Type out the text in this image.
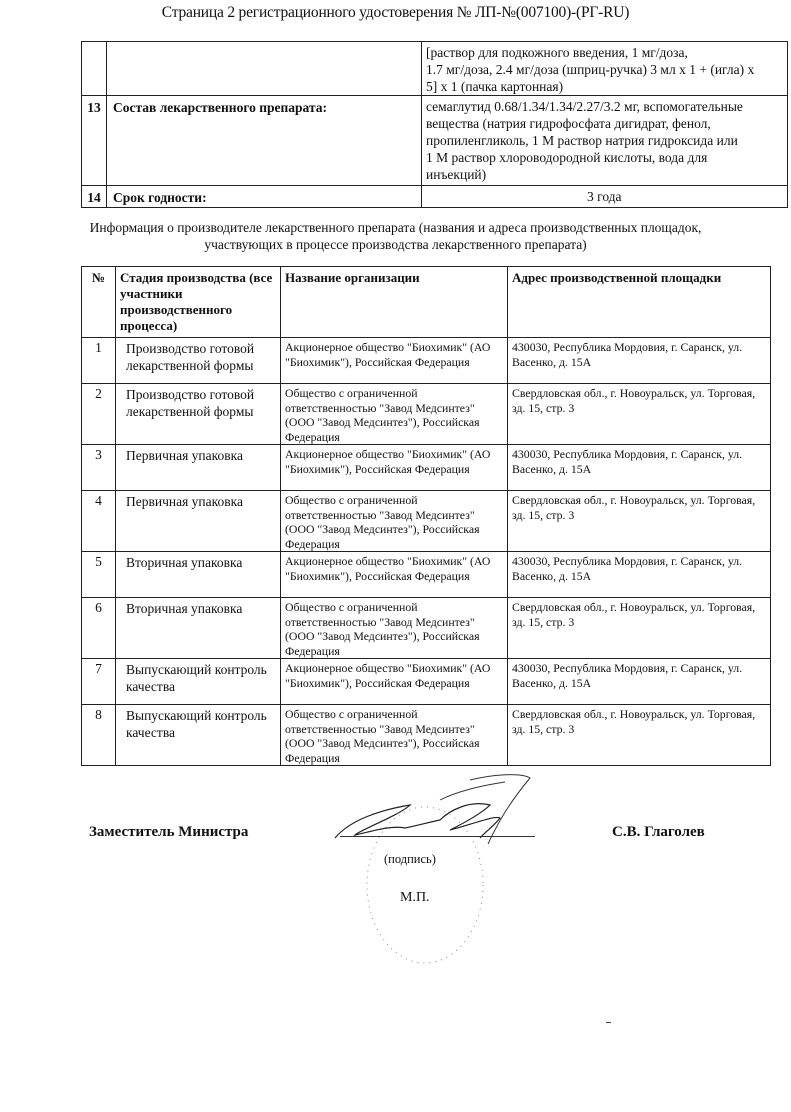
Страница 2 регистрационного удостоверения № ЛП-№(007100)-(РГ-RU)

		[раствор для подкожного введения, 1 мг/доза,
1.7 мг/доза, 2.4 мг/доза (шприц-ручка) 3 мл x 1 + (игла) x
5] x 1 (пачка картонная)

13	Состав лекарственного препарата:	семаглутид 0.68/1.34/1.34/2.27/3.2 мг, вспомогательные
вещества (натрия гидрофосфата дигидрат, фенол,
пропиленгликоль, 1 М раствор натрия гидроксида или
1 М раствор хлороводородной кислоты, вода для
инъекций)

14	Срок годности:	3 года
Информация о производителе лекарственного препарата (названия и адреса производственных площадок,
участвующих в процессе производства лекарственного препарата)
№	Стадия производства (все участники производственного процесса)	Название организации	Адрес производственной площадки
1	Производство готовой лекарственной формы	Акционерное общество "Биохимик" (АО "Биохимик"), Российская Федерация	430030, Республика Мордовия, г. Саранск, ул. Васенко, д. 15А
2	Производство готовой лекарственной формы	Общество с ограниченной ответственностью "Завод Медсинтез" (ООО "Завод Медсинтез"), Российская Федерация	Свердловская обл., г. Новоуральск, ул. Торговая, зд. 15, стр. 3
3	Первичная упаковка	Акционерное общество "Биохимик" (АО "Биохимик"), Российская Федерация	430030, Республика Мордовия, г. Саранск, ул. Васенко, д. 15А
4	Первичная упаковка	Общество с ограниченной ответственностью "Завод Медсинтез" (ООО "Завод Медсинтез"), Российская Федерация	Свердловская обл., г. Новоуральск, ул. Торговая, зд. 15, стр. 3
5	Вторичная упаковка	Акционерное общество "Биохимик" (АО "Биохимик"), Российская Федерация	430030, Республика Мордовия, г. Саранск, ул. Васенко, д. 15А
6	Вторичная упаковка	Общество с ограниченной ответственностью "Завод Медсинтез" (ООО "Завод Медсинтез"), Российская Федерация	Свердловская обл., г. Новоуральск, ул. Торговая, зд. 15, стр. 3
7	Выпускающий контроль качества	Акционерное общество "Биохимик" (АО "Биохимик"), Российская Федерация	430030, Республика Мордовия, г. Саранск, ул. Васенко, д. 15А
8	Выпускающий контроль качества	Общество с ограниченной ответственностью "Завод Медсинтез" (ООО "Завод Медсинтез"), Российская Федерация	Свердловская обл., г. Новоуральск, ул. Торговая, зд. 15, стр. 3
Заместитель Министра
(подпись)
М.П.
С.В. Глаголев
